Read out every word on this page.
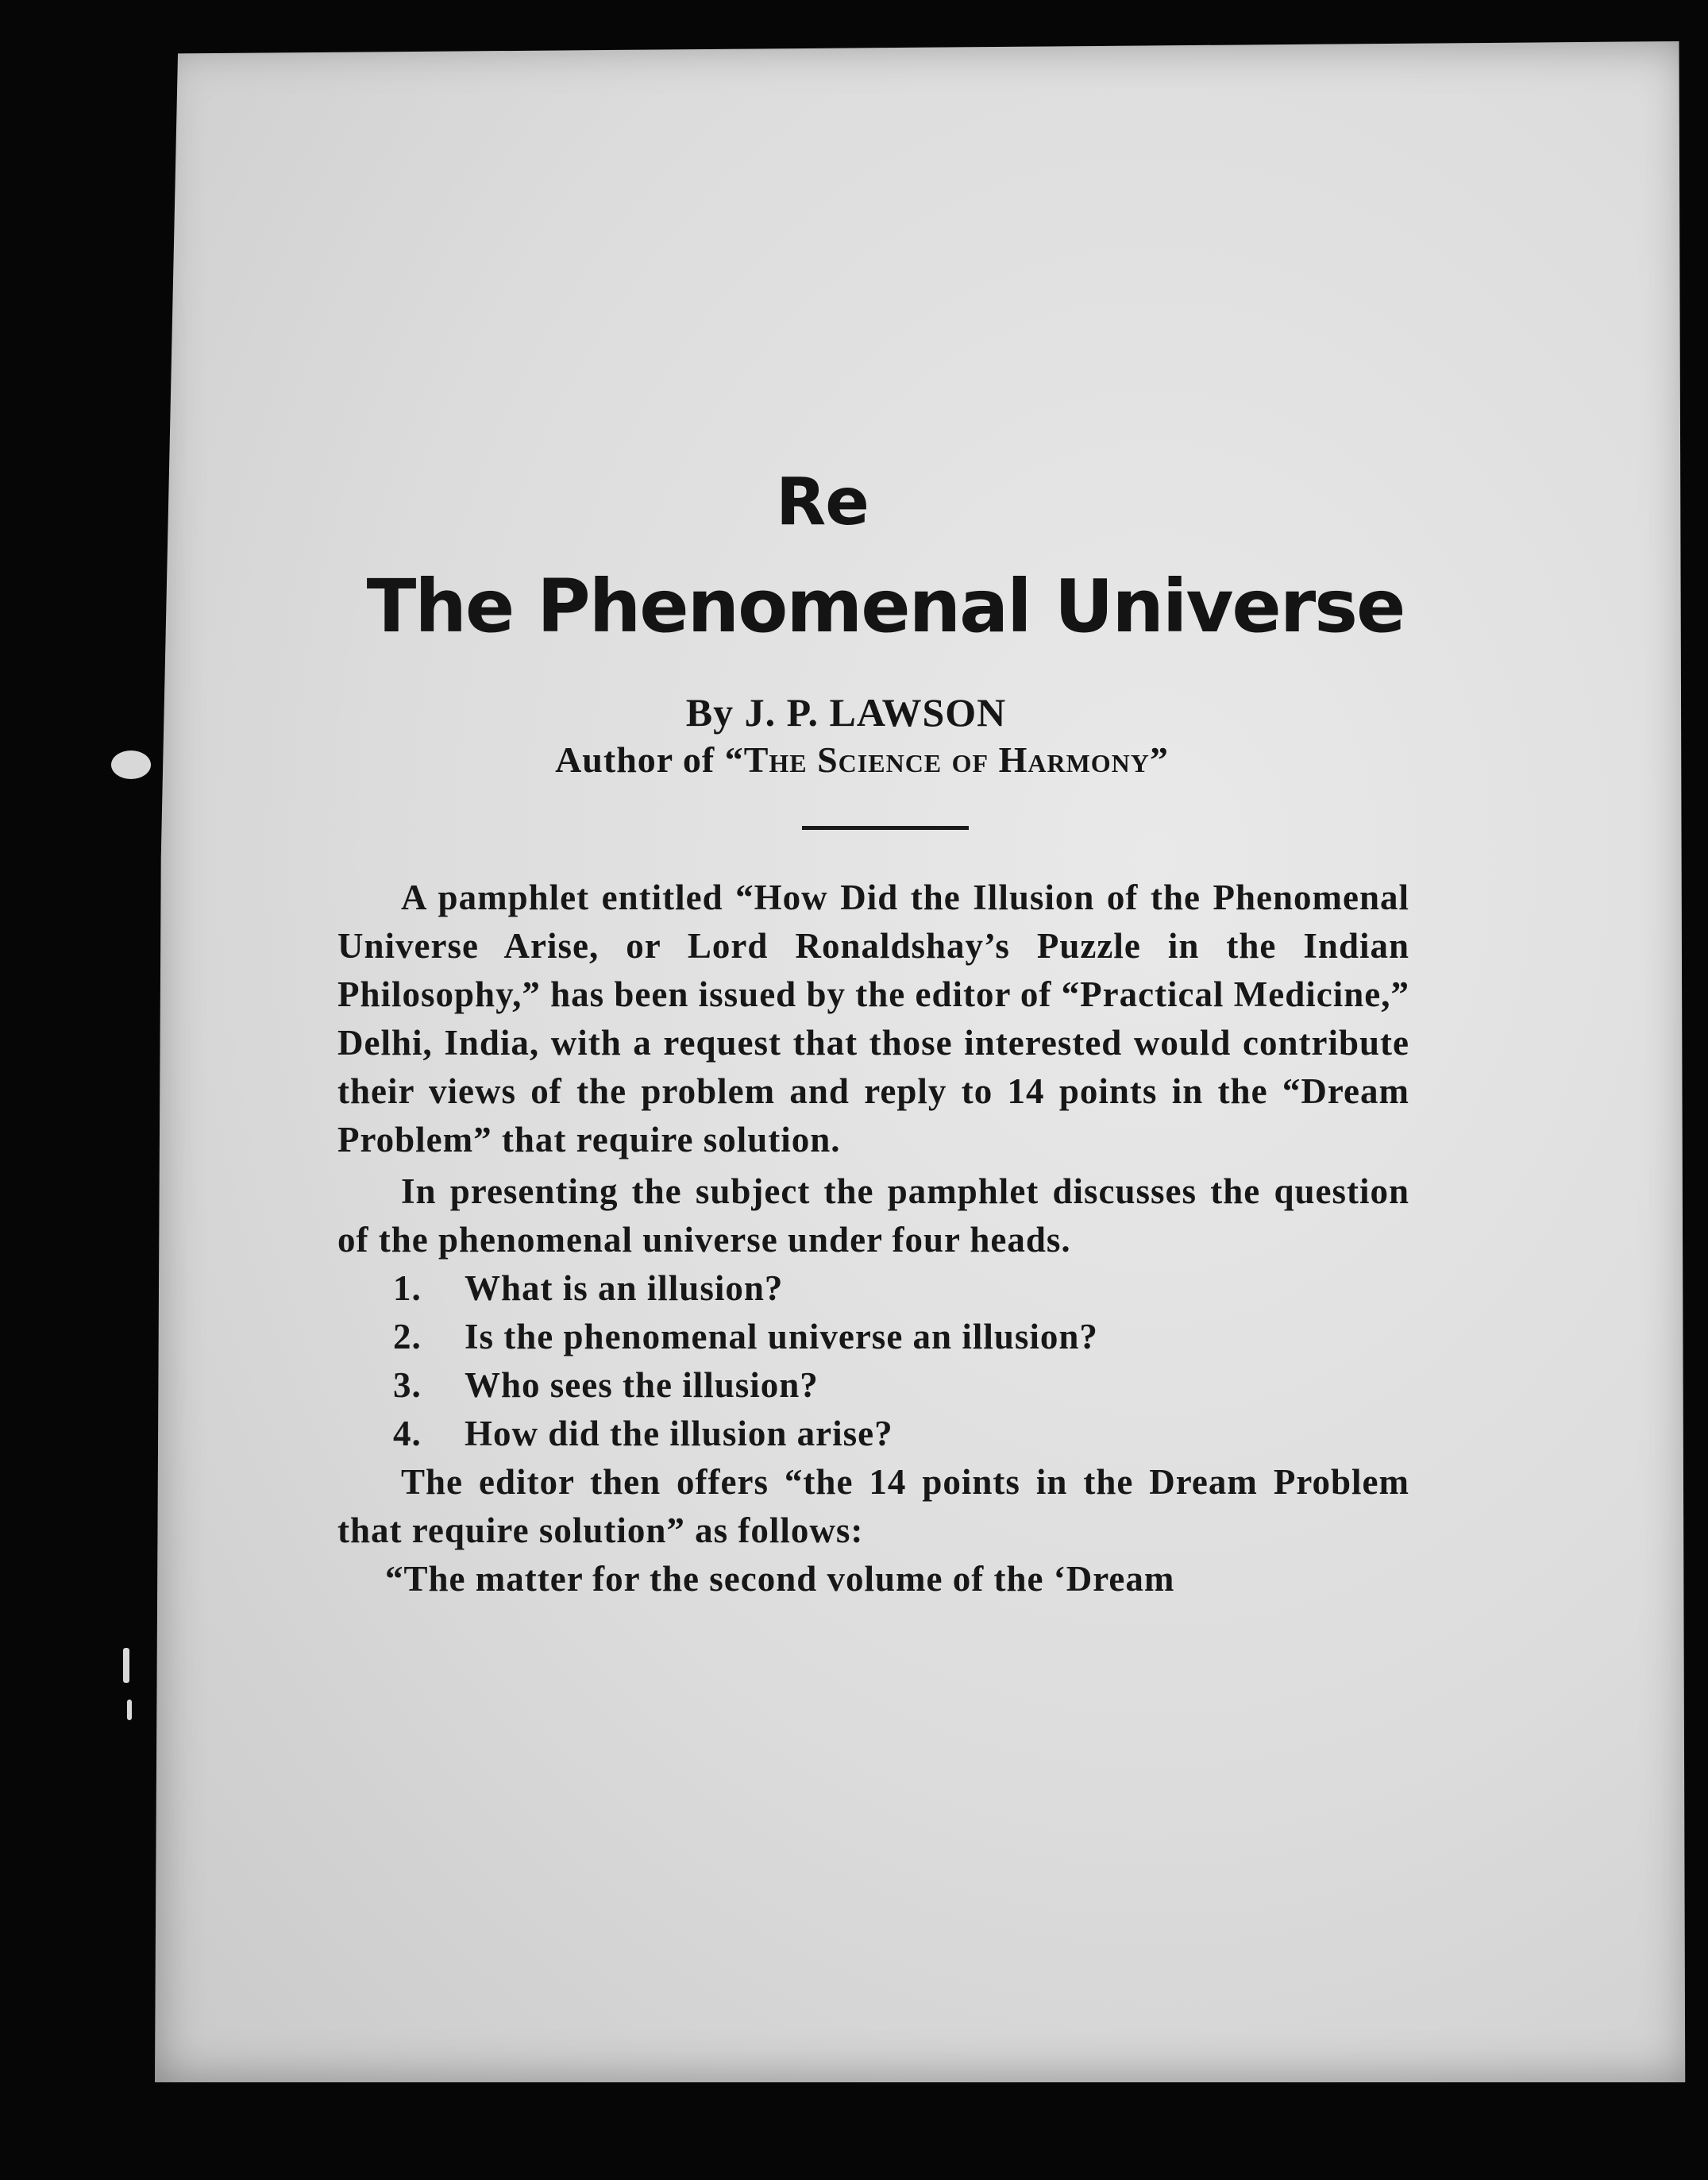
Re
The Phenomenal Universe
By J. P. LAWSON
Author of “The Science of Harmony”

A pamphlet entitled “How Did the Illusion of the Phenomenal Universe Arise, or Lord Ronaldshay’s Puzzle in the Indian Philosophy,” has been issued by the editor of “Practical Medicine,” Delhi, India, with a request that those interested would contribute their views of the problem and reply to 14 points in the “Dream Problem” that require solution.

In presenting the subject the pamphlet discusses the question of the phenomenal universe under four heads.

1.	What is an illusion?
2.	Is the phenomenal universe an illusion?
3.	Who sees the illusion?
4.	How did the illusion arise?

The editor then offers “the 14 points in the Dream Problem that require solution” as follows:

“The matter for the second volume of the ‘Dream
